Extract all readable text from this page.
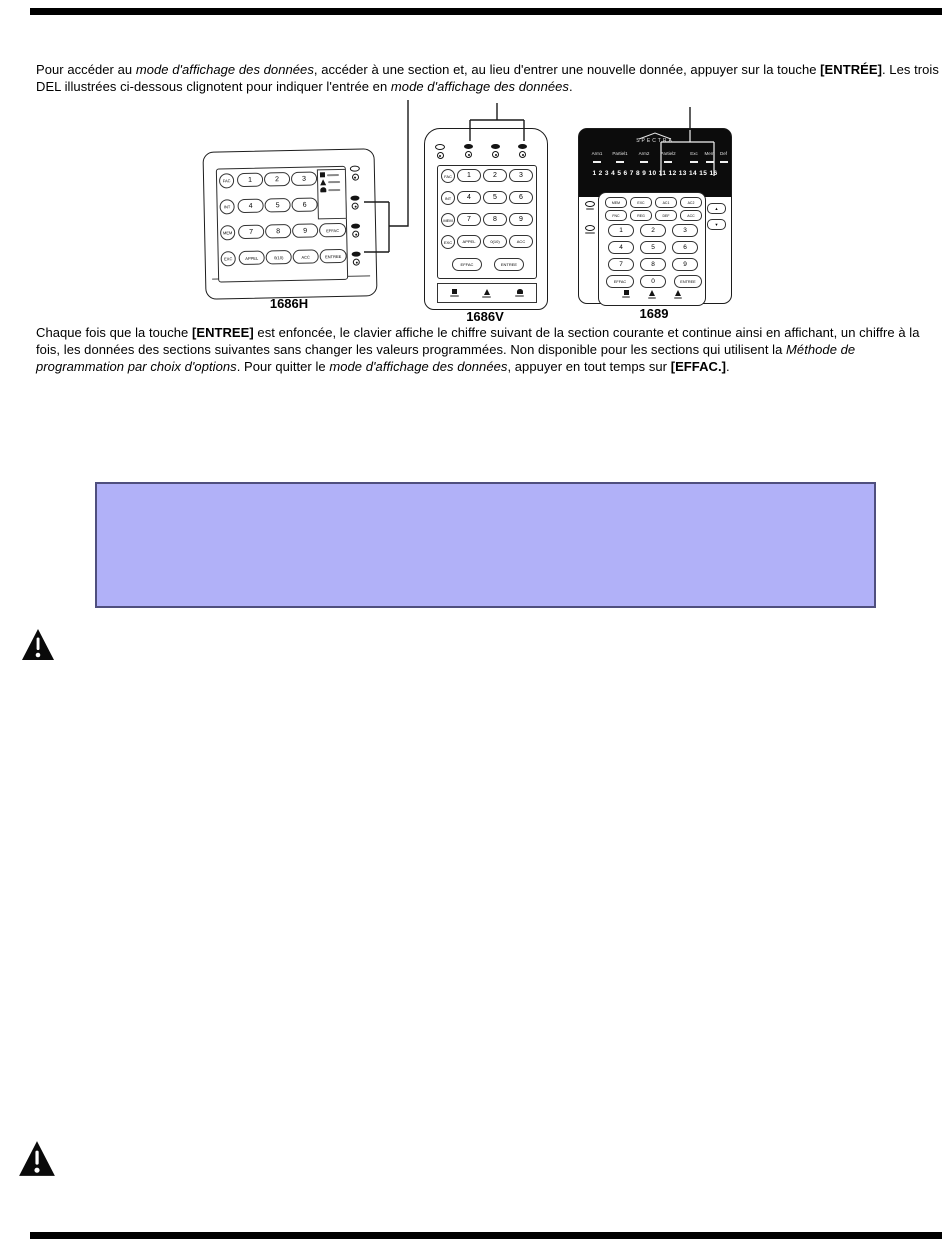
Pour accéder au mode d'affichage des données, accéder à une section et, au lieu d'entrer une nouvelle donnée, appuyer sur la touche [ENTRÉE]. Les trois DEL illustrées ci-dessous clignotent pour indiquer l'entrée en mode d'affichage des données.

FAC
INT
MEM
EXC
1	2	3
4	5	6
7	8	9
APPEL	0(10)	ACC
EFFAC
ENTREE
1686H
FAC
INT
MEM
EXC
1	2	3
4	5	6
7	8	9
APPEL	0(10)	ACC
EFFAC	ENTREE
1686V
SPECTRA
Arm1	Partiel1	Arm2	Partiel2	Exc	Mem	Def
1 2 3 4 5 6 7 8 9 10 11 12 13 14 15 16
▲
▼
MEM	EXC	AC1	AC2
FNC	REG	DEF	ACC
1	2	3
4	5	6
7	8	9
EFFAC	0	ENTREE
1689

Chaque fois que la touche [ENTREE] est enfoncée, le clavier affiche le chiffre suivant de la section courante et continue ainsi en affichant, un chiffre à la fois, les données des sections suivantes sans changer les valeurs programmées. Non disponible pour les sections qui utilisent la Méthode de programmation par choix d'options. Pour quitter le mode d'affichage des données, appuyer en tout temps sur [EFFAC.].
